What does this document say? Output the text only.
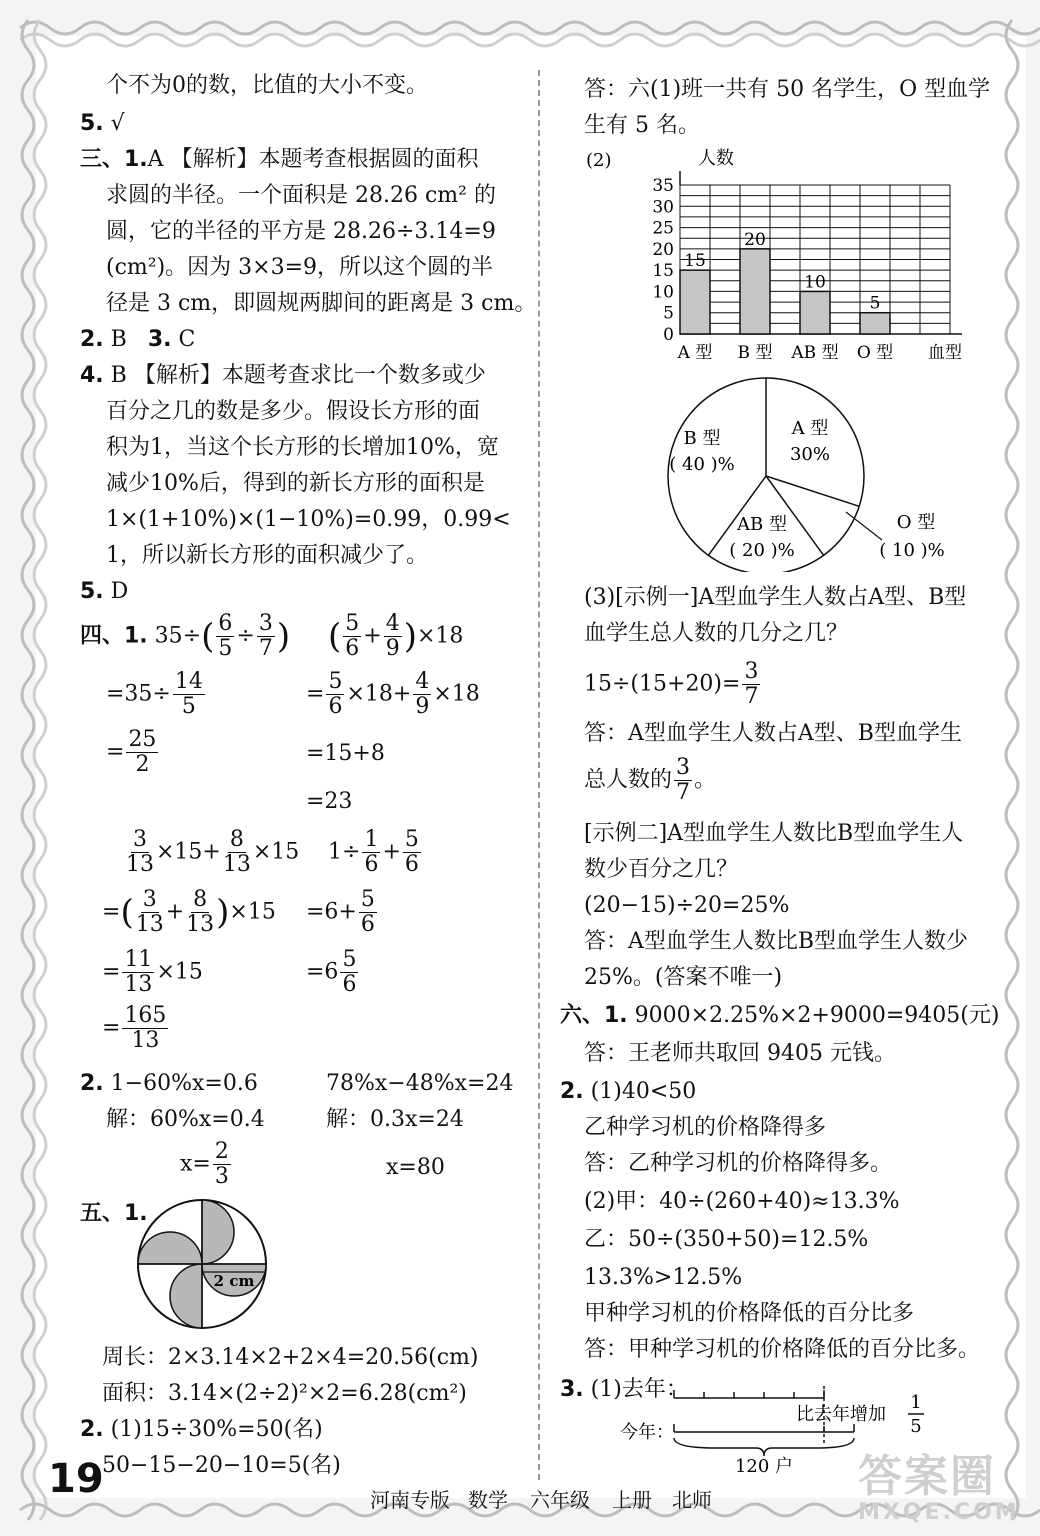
个不为0的数，比值的大小不变。
5. √
三、1.A 【解析】本题考查根据圆的面积
求圆的半径。一个面积是 28.26 cm² 的
圆，它的半径的平方是 28.26÷3.14=9
(cm²)。因为 3×3=9，所以这个圆的半
径是 3 cm，即圆规两脚间的距离是 3 cm。
2. B 3. C
4. B 【解析】本题考查求比一个数多或少
百分之几的数是多少。假设长方形的面
积为1，当这个长方形的长增加10%，宽
减少10%后，得到的新长方形的面积是
1×(1+10%)×(1−10%)=0.99，0.99<
1，所以新长方形的面积减少了。
5. D
四、1. $35\div( \frac{6}{5} \div \frac{3}{7}$ ) ( $\frac{5}{6} + \frac{4}{9} )\times 18$
$=35\div \frac{14}{5}$	= $\frac{5}{6} \times 18+ \frac{4}{9} \times 18$
= $\frac{25}{2}$	=15+8
=23
$\frac{3}{13} \times 15+ \frac{8}{13} \times 15$ $1\div \frac{1}{6} + \frac{5}{6}$
=( $\frac{3}{13} + \frac{8}{13} )\times 15 =6+ \frac{5}{6}$
= $\frac{11}{13} \times 15$	$=6 \frac{5}{6}$
= $\frac{165}{13}$
2. 1−60%x=0.6	78%x−48%x=24
解：60%x=0.4	解：0.3x=24
$x= \frac{2}{3}$	x=80
五、1.
2 cm
周长：2×3.14×2+2×4=20.56(cm)
面积：3.14×(2÷2)²×2=6.28(cm²)
2. (1)15÷30%=50(名)
50−15−20−10=5(名)
答：六(1)班一共有 50 名学生，O 型血学
生有 5 名。
(2)	人数
0
5
10
15
20
25
30
35
15
A 型
20
B 型
10
AB 型
5
O 型 血型
A 型
30%
AB 型
( 20 )%
B 型
( 40 )%
O 型
( 10 )%
(3)[示例一]A型血学生人数占A型、B型
血学生总人数的几分之几？
$15\div(15+20)= \frac{3}{7}$
答：A型血学生人数占A型、B型血学生
总人数的 $\frac{3}{7}$ 。
[示例二]A型血学生人数比B型血学生人
数少百分之几？
(20−15)÷20=25%
答：A型血学生人数比B型血学生人数少
25%。(答案不唯一)
六、1. 9000×2.25%×2+9000=9405(元)
答：王老师共取回 9405 元钱。
2. (1)40<50
乙种学习机的价格降得多
答：乙种学习机的价格降得多。
(2)甲：40÷(260+40)≈13.3%
乙：50÷(350+50)=12.5%
13.3%>12.5%
甲种学习机的价格降低的百分比多
答：甲种学习机的价格降低的百分比多。
3. (1)去年：
比去年增加
1
5
今年：
120 户
19	河南专版 数学 六年级 上册 北师	答案圈
MXQE.COM
